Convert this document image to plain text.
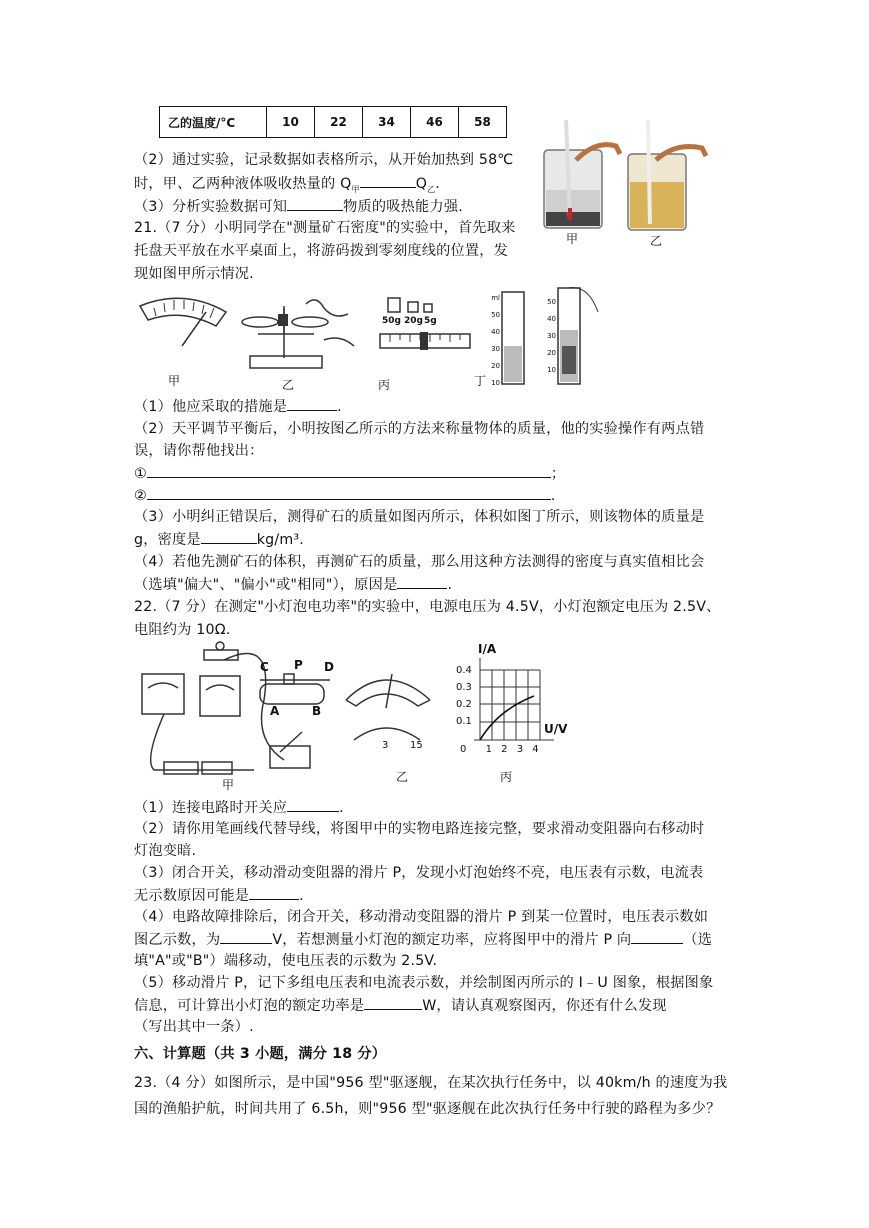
乙的温度/°C	10	22	34	46	58
（2）通过实验，记录数据如表格所示，从开始加热到 58℃
时，甲、乙两种液体吸收热量的 $Q_甲$	$Q_乙$.
（3）分析实验数据可知	物质的吸热能力强.
甲	乙
21.（7 分）小明同学在"测量矿石密度"的实验中，首先取来
托盘天平放在水平桌面上，将游码拨到零刻度线的位置，发
现如图甲所示情况.
甲	乙	丙	丁
50g 20g 5g
ml
50
40
30
20
10
50
40
30
20
10
（1）他应采取的措施是	.
（2）天平调节平衡后，小明按图乙所示的方法来称量物体的质量，他的实验操作有两点错
误，请你帮他找出：
①	；
②	.
（3）小明纠正错误后，测得矿石的质量如图丙所示，体积如图丁所示，则该物体的质量是
g，密度是	kg/m³.
（4）若他先测矿石的体积，再测矿石的质量，那么用这种方法测得的密度与真实值相比会
（选填"偏大"、"偏小"或"相同"），原因是	.
22.（7 分）在测定"小灯泡电功率"的实验中，电源电压为 4.5V，小灯泡额定电压为 2.5V、
电阻约为 10Ω.
甲
乙	丙
C P D
A	B
3 15
I/A
U/V
0.4
0.3
0.2
0.1
0 1 2 3 4
（1）连接电路时开关应	.
（2）请你用笔画线代替导线，将图甲中的实物电路连接完整，要求滑动变阻器向右移动时
灯泡变暗.
（3）闭合开关，移动滑动变阻器的滑片 P，发现小灯泡始终不亮，电压表有示数，电流表
无示数原因可能是	.
（4）电路故障排除后，闭合开关，移动滑动变阻器的滑片 P 到某一位置时，电压表示数如
图乙示数，为	V，若想测量小灯泡的额定功率，应将图甲中的滑片 P 向	（选
填"A"或"B"）端移动，使电压表的示数为 2.5V.
（5）移动滑片 P，记下多组电压表和电流表示数，并绘制图丙所示的 I﹣U 图象，根据图象
信息，可计算出小灯泡的额定功率是	W，请认真观察图丙，你还有什么发现
（写出其中一条）.
六、计算题（共 3 小题，满分 18 分）
23.（4 分）如图所示，是中国"956 型"驱逐舰，在某次执行任务中，以 40km/h 的速度为我
国的渔船护航，时间共用了 6.5h，则"956 型"驱逐舰在此次执行任务中行驶的路程为多少？
